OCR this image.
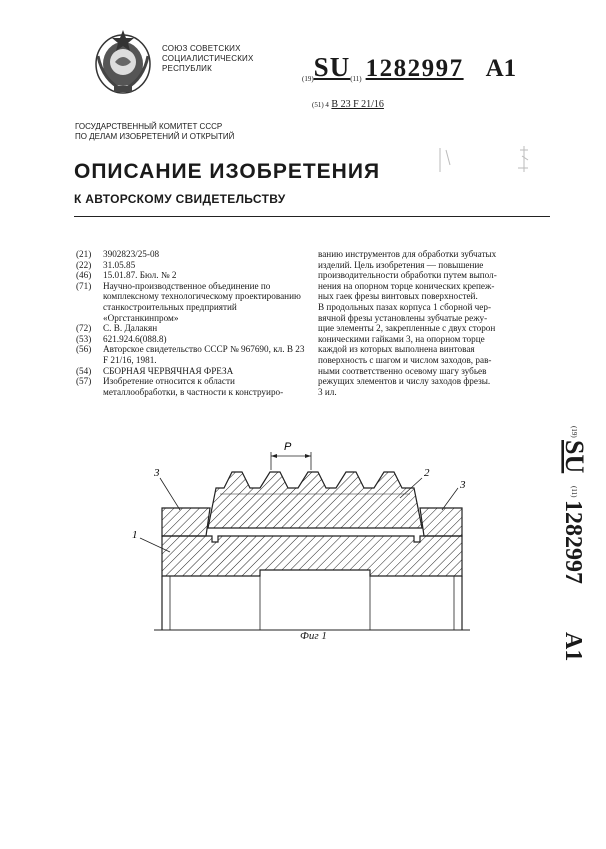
СОЮЗ СОВЕТСКИХ
СОЦИАЛИСТИЧЕСКИХ
РЕСПУБЛИК
(19)SU(11) 1282997 A1
(51) 4 В 23 F 21/16
ГОСУДАРСТВЕННЫЙ КОМИТЕТ СССР
ПО ДЕЛАМ ИЗОБРЕТЕНИЙ И ОТКРЫТИЙ
ОПИСАНИЕ ИЗОБРЕТЕНИЯ
К АВТОРСКОМУ СВИДЕТЕЛЬСТВУ
(21)	3902823/25-08
(22)	31.05.85
(46)	15.01.87. Бюл. № 2
(71)	Научно-производственное объединение по комплексному технологическому проектированию станкостроительных предприятий «Оргстанкинпром»
(72)	С. В. Далакян
(53)	621.924.6(088.8)
(56)	Авторское свидетельство СССР № 967690, кл. В 23 F 21/16, 1981.
(54)	СБОРНАЯ ЧЕРВЯЧНАЯ ФРЕЗА
(57)	Изобретение относится к области металлообработки, в частности к конструиро-
ванию инструментов для обработки зубчатых
изделий. Цель изобретения — повышение
производительности обработки путем выпол-
нения на опорном торце конических крепеж-
ных гаек фрезы винтовых поверхностей.
В продольных пазах корпуса 1 сборной чер-
вячной фрезы установлены зубчатые режу-
щие элементы 2, закрепленные с двух сторон
коническими гайками 3, на опорном торце
каждой из которых выполнена винтовая
поверхность с шагом и числом заходов, рав-
ными соответственно осевому шагу зубьев
режущих элементов и числу заходов фрезы.
3 ил.
(19)
SU
(11)
1282997
A1
P
3
3
2
1
Фиг 1
